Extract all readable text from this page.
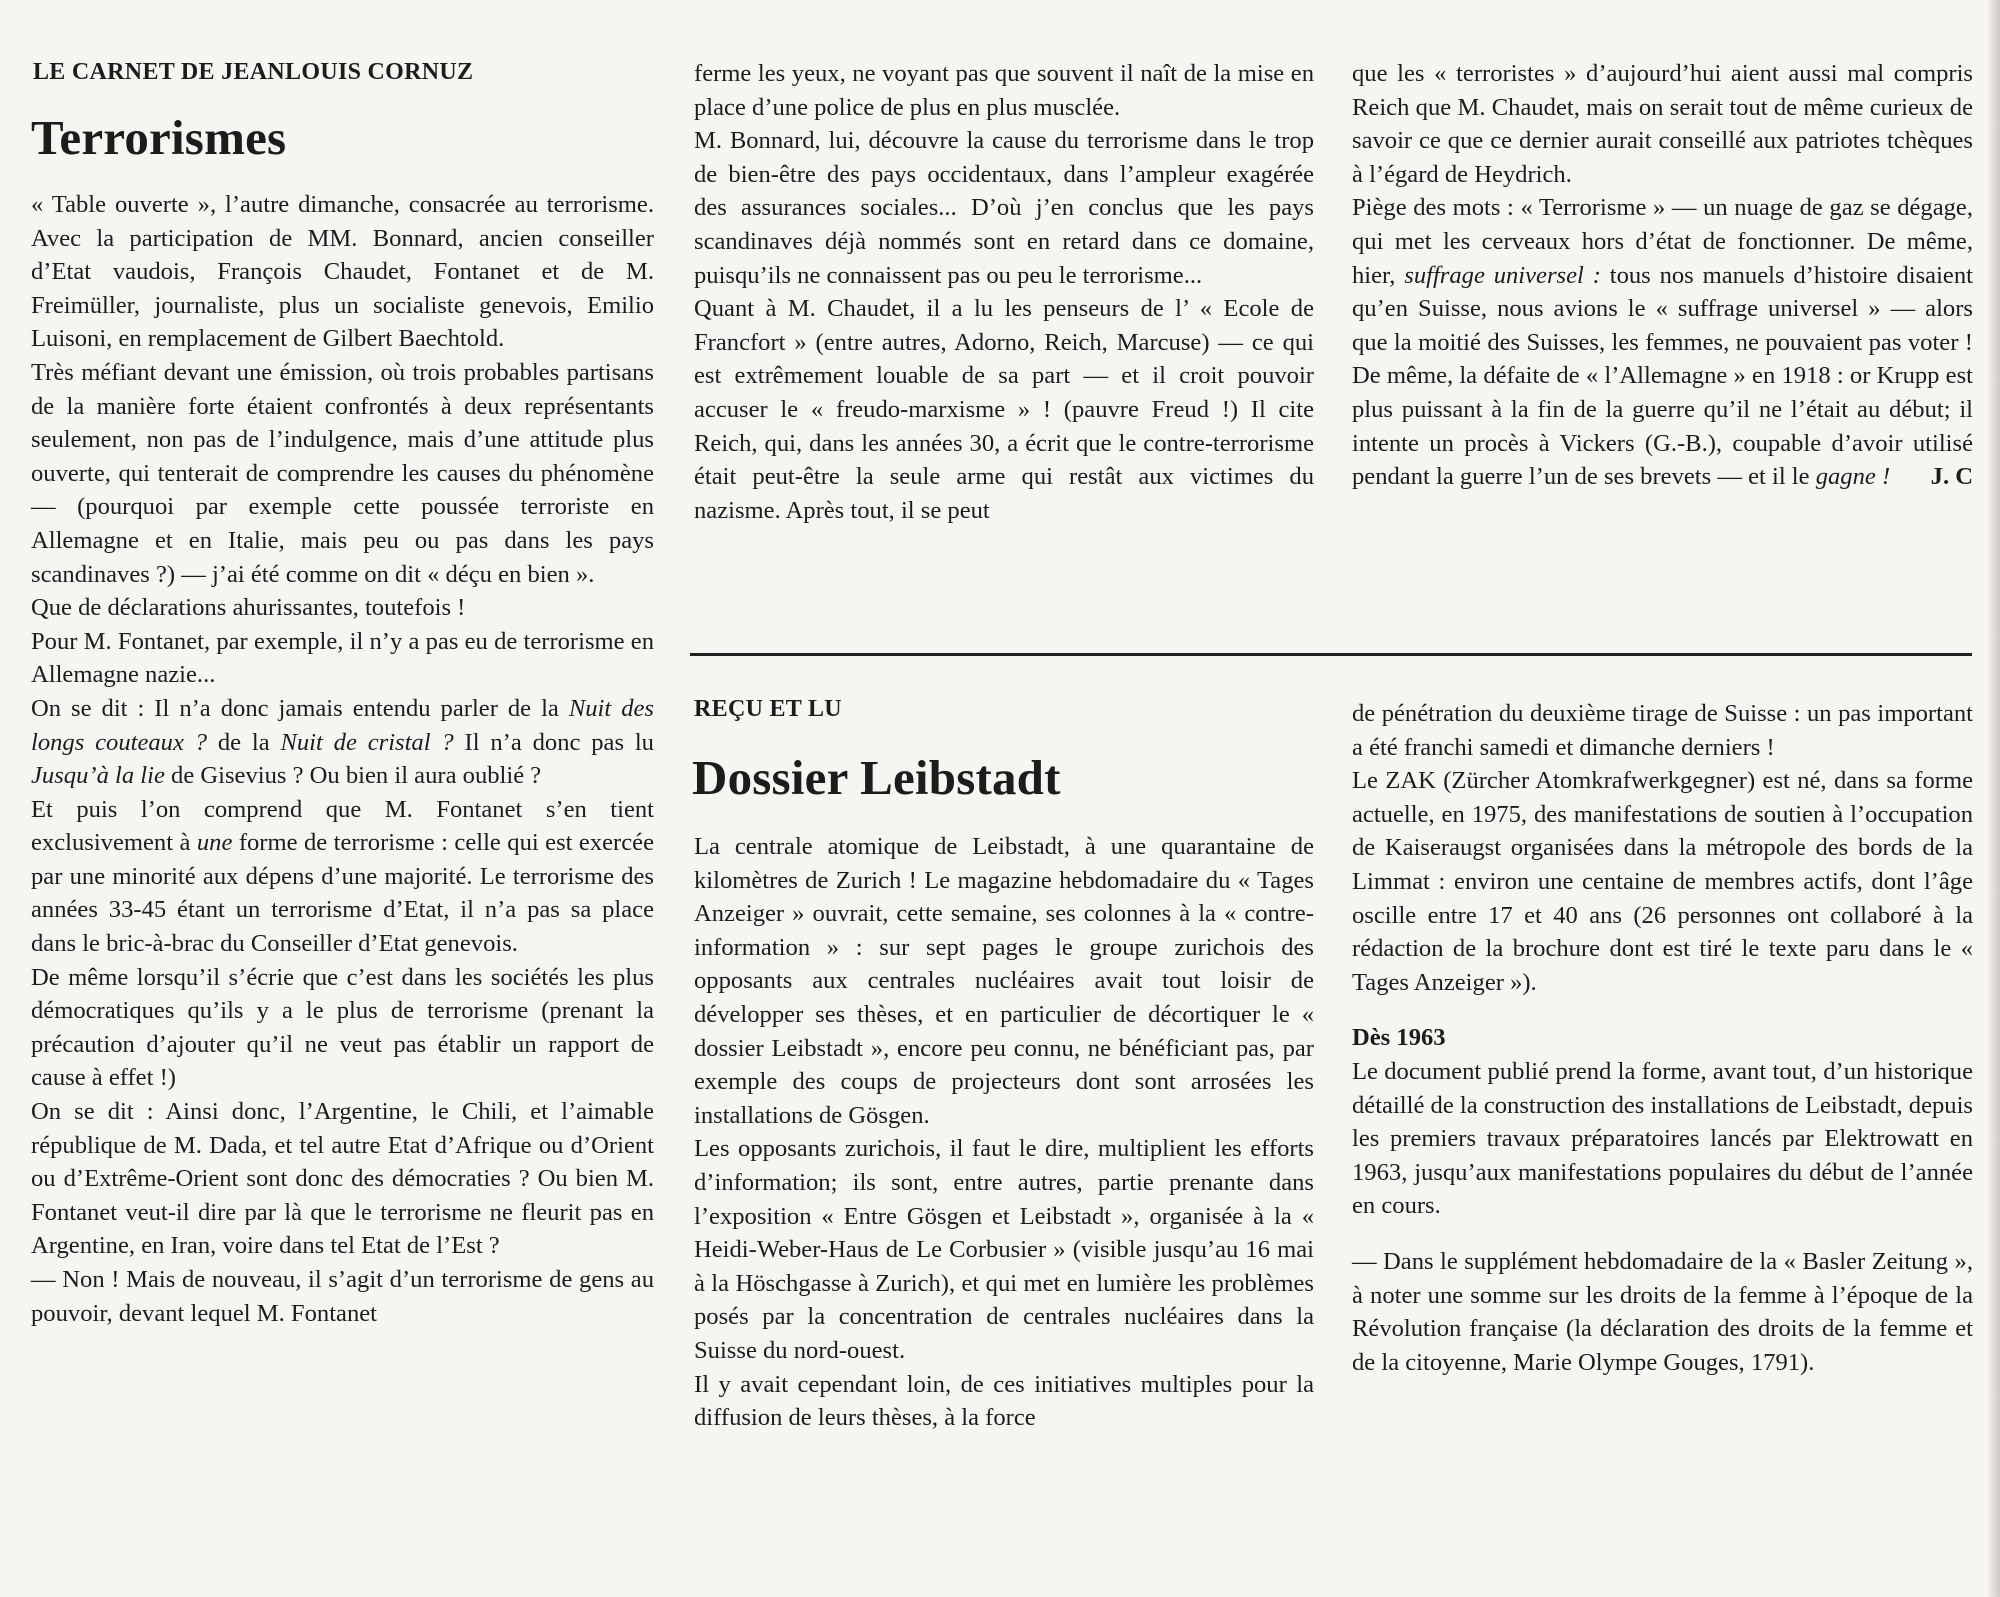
LE CARNET DE JEANLOUIS CORNUZ
Terrorismes

« Table ouverte », l’autre dimanche, consacrée au terrorisme. Avec la participation de MM. Bonnard, ancien conseiller d’Etat vaudois, François Chaudet, Fontanet et de M. Freimüller, journaliste, plus un socialiste genevois, Emilio Luisoni, en remplacement de Gilbert Baechtold.

Très méfiant devant une émission, où trois probables partisans de la manière forte étaient confrontés à deux représentants seulement, non pas de l’indulgence, mais d’une attitude plus ouverte, qui tenterait de comprendre les causes du phénomène — (pourquoi par exemple cette poussée terroriste en Allemagne et en Italie, mais peu ou pas dans les pays scandinaves ?) — j’ai été comme on dit « déçu en bien ».

Que de déclarations ahurissantes, toutefois !

Pour M. Fontanet, par exemple, il n’y a pas eu de terrorisme en Allemagne nazie...

On se dit : Il n’a donc jamais entendu parler de la Nuit des longs couteaux ? de la Nuit de cristal ? Il n’a donc pas lu Jusqu’à la lie de Gisevius ? Ou bien il aura oublié ?

Et puis l’on comprend que M. Fontanet s’en tient exclusivement à une forme de terrorisme : celle qui est exercée par une minorité aux dépens d’une majorité. Le terrorisme des années 33-45 étant un terrorisme d’Etat, il n’a pas sa place dans le bric-à-brac du Conseiller d’Etat genevois.

De même lorsqu’il s’écrie que c’est dans les sociétés les plus démocratiques qu’ils y a le plus de terrorisme (prenant la précaution d’ajouter qu’il ne veut pas établir un rapport de cause à effet !)

On se dit : Ainsi donc, l’Argentine, le Chili, et l’aimable république de M. Dada, et tel autre Etat d’Afrique ou d’Orient ou d’Extrême-Orient sont donc des démocraties ? Ou bien M. Fontanet veut-il dire par là que le terrorisme ne fleurit pas en Argentine, en Iran, voire dans tel Etat de l’Est ?

— Non ! Mais de nouveau, il s’agit d’un terrorisme de gens au pouvoir, devant lequel M. Fontanet

ferme les yeux, ne voyant pas que souvent il naît de la mise en place d’une police de plus en plus musclée.

M. Bonnard, lui, découvre la cause du terrorisme dans le trop de bien-être des pays occidentaux, dans l’ampleur exagérée des assurances sociales... D’où j’en conclus que les pays scandinaves déjà nommés sont en retard dans ce domaine, puisqu’ils ne connaissent pas ou peu le terrorisme...

Quant à M. Chaudet, il a lu les penseurs de l’ « Ecole de Francfort » (entre autres, Adorno, Reich, Marcuse) — ce qui est extrêmement louable de sa part — et il croit pouvoir accuser le « freudo-marxisme » ! (pauvre Freud !) Il cite Reich, qui, dans les années 30, a écrit que le contre-terrorisme était peut-être la seule arme qui restât aux victimes du nazisme. Après tout, il se peut

que les « terroristes » d’aujourd’hui aient aussi mal compris Reich que M. Chaudet, mais on serait tout de même curieux de savoir ce que ce dernier aurait conseillé aux patriotes tchèques à l’égard de Heydrich.

Piège des mots : « Terrorisme » — un nuage de gaz se dégage, qui met les cerveaux hors d’état de fonctionner. De même, hier, suffrage universel : tous nos manuels d’histoire disaient qu’en Suisse, nous avions le « suffrage universel » — alors que la moitié des Suisses, les femmes, ne pouvaient pas voter ! De même, la défaite de « l’Allemagne » en 1918 : or Krupp est plus puissant à la fin de la guerre qu’il ne l’était au début; il intente un procès à Vickers (G.-B.), coupable d’avoir utilisé pendant la guerre l’un de ses brevets — et il le gagne ! J. C

REÇU ET LU
Dossier Leibstadt

La centrale atomique de Leibstadt, à une quarantaine de kilomètres de Zurich ! Le magazine hebdomadaire du « Tages Anzeiger » ouvrait, cette semaine, ses colonnes à la « contre-information » : sur sept pages le groupe zurichois des opposants aux centrales nucléaires avait tout loisir de développer ses thèses, et en particulier de décortiquer le « dossier Leibstadt », encore peu connu, ne bénéficiant pas, par exemple des coups de projecteurs dont sont arrosées les installations de Gösgen.

Les opposants zurichois, il faut le dire, multiplient les efforts d’information; ils sont, entre autres, partie prenante dans l’exposition « Entre Gösgen et Leibstadt », organisée à la « Heidi-Weber-Haus de Le Corbusier » (visible jusqu’au 16 mai à la Höschgasse à Zurich), et qui met en lumière les problèmes posés par la concentration de centrales nucléaires dans la Suisse du nord-ouest.

Il y avait cependant loin, de ces initiatives multiples pour la diffusion de leurs thèses, à la force

de pénétration du deuxième tirage de Suisse : un pas important a été franchi samedi et dimanche derniers !

Le ZAK (Zürcher Atomkrafwerkgegner) est né, dans sa forme actuelle, en 1975, des manifestations de soutien à l’occupation de Kaiseraugst organisées dans la métropole des bords de la Limmat : environ une centaine de membres actifs, dont l’âge oscille entre 17 et 40 ans (26 personnes ont collaboré à la rédaction de la brochure dont est tiré le texte paru dans le « Tages Anzeiger »).

Dès 1963

Le document publié prend la forme, avant tout, d’un historique détaillé de la construction des installations de Leibstadt, depuis les premiers travaux préparatoires lancés par Elektrowatt en 1963, jusqu’aux manifestations populaires du début de l’année en cours.

— Dans le supplément hebdomadaire de la « Basler Zeitung », à noter une somme sur les droits de la femme à l’époque de la Révolution française (la déclaration des droits de la femme et de la citoyenne, Marie Olympe Gouges, 1791).
